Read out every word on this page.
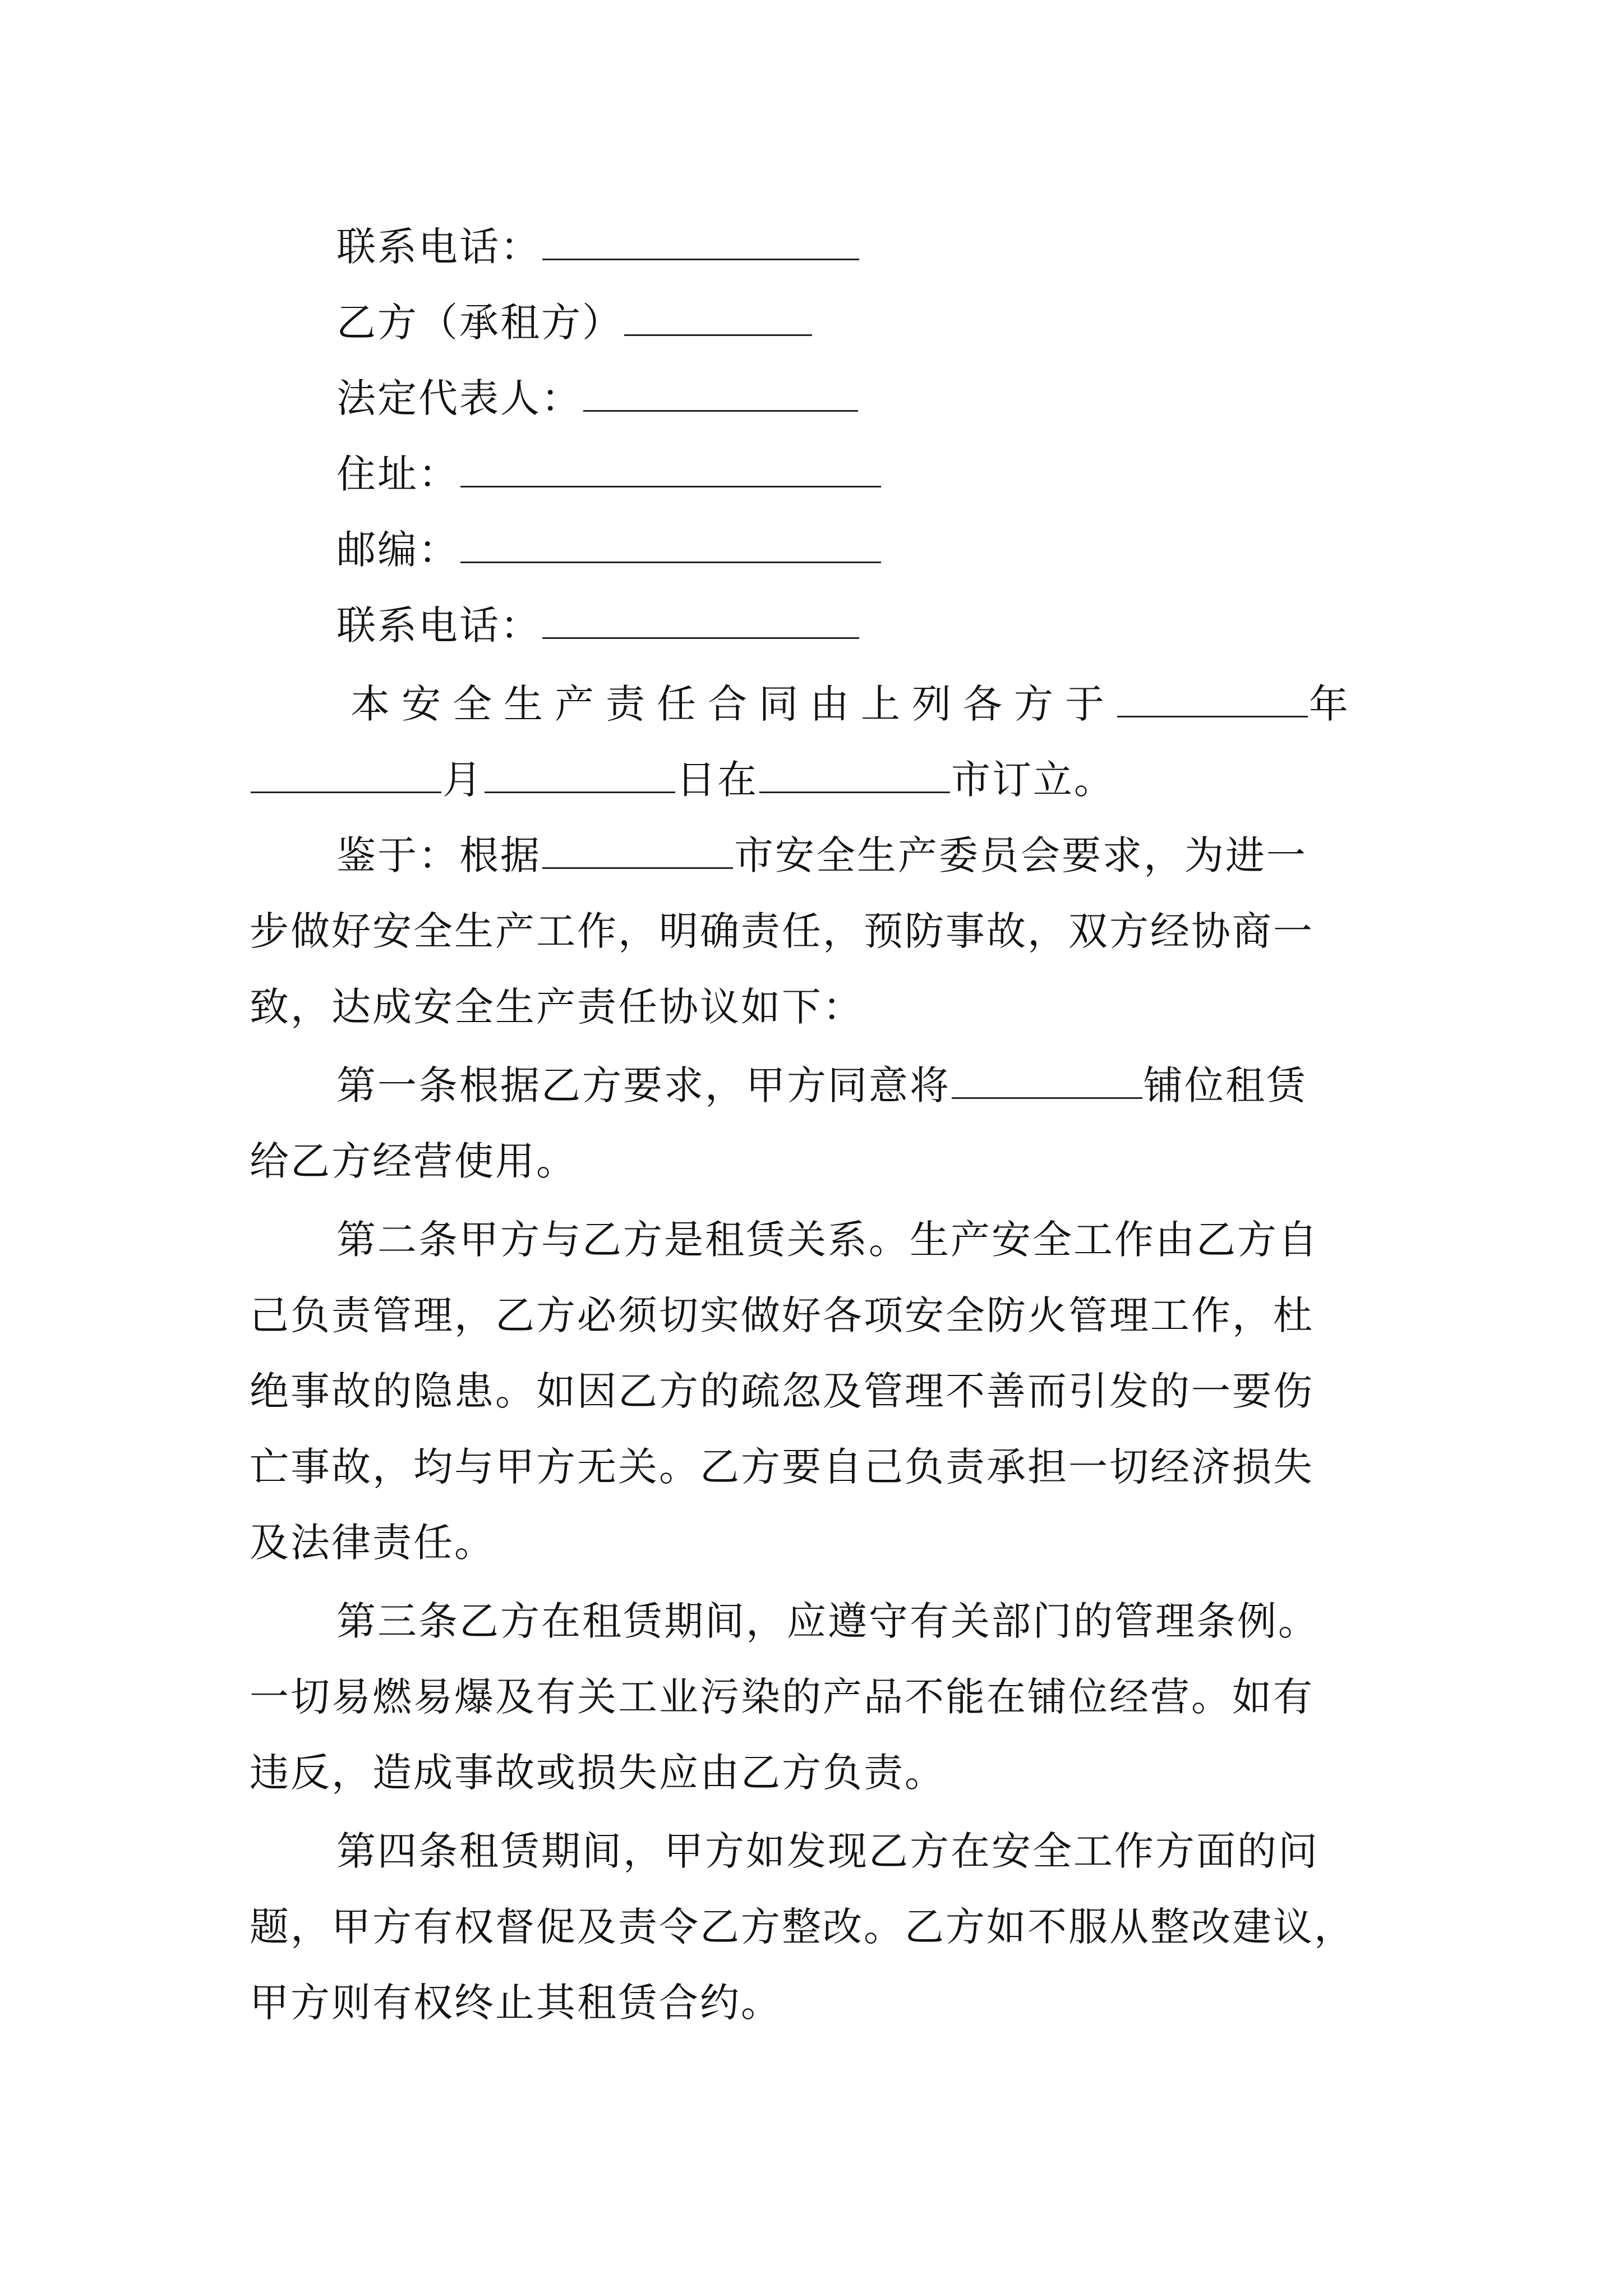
联系电话：
乙方（承租方）
法定代表人：
住址：
邮编：
联系电话：
本安全生产责任合同由上列各方于	年
月	日在	市订立。
鉴于：根据	市安全生产委员会要求，为进一
步做好安全生产工作，明确责任，预防事故，双方经协商一
致，达成安全生产责任协议如下：
第一条根据乙方要求，甲方同意将	铺位租赁
给乙方经营使用。
第二条甲方与乙方是租赁关系。生产安全工作由乙方自
己负责管理，乙方必须切实做好各项安全防火管理工作，杜
绝事故的隐患。如因乙方的疏忽及管理不善而引发的一要伤
亡事故，均与甲方无关。乙方要自己负责承担一切经济损失
及法律责任。
第三条乙方在租赁期间，应遵守有关部门的管理条例。
一切易燃易爆及有关工业污染的产品不能在铺位经营。如有
违反，造成事故或损失应由乙方负责。
第四条租赁期间，甲方如发现乙方在安全工作方面的问
题，甲方有权督促及责令乙方整改。乙方如不服从整改建议，
甲方则有权终止其租赁合约。
